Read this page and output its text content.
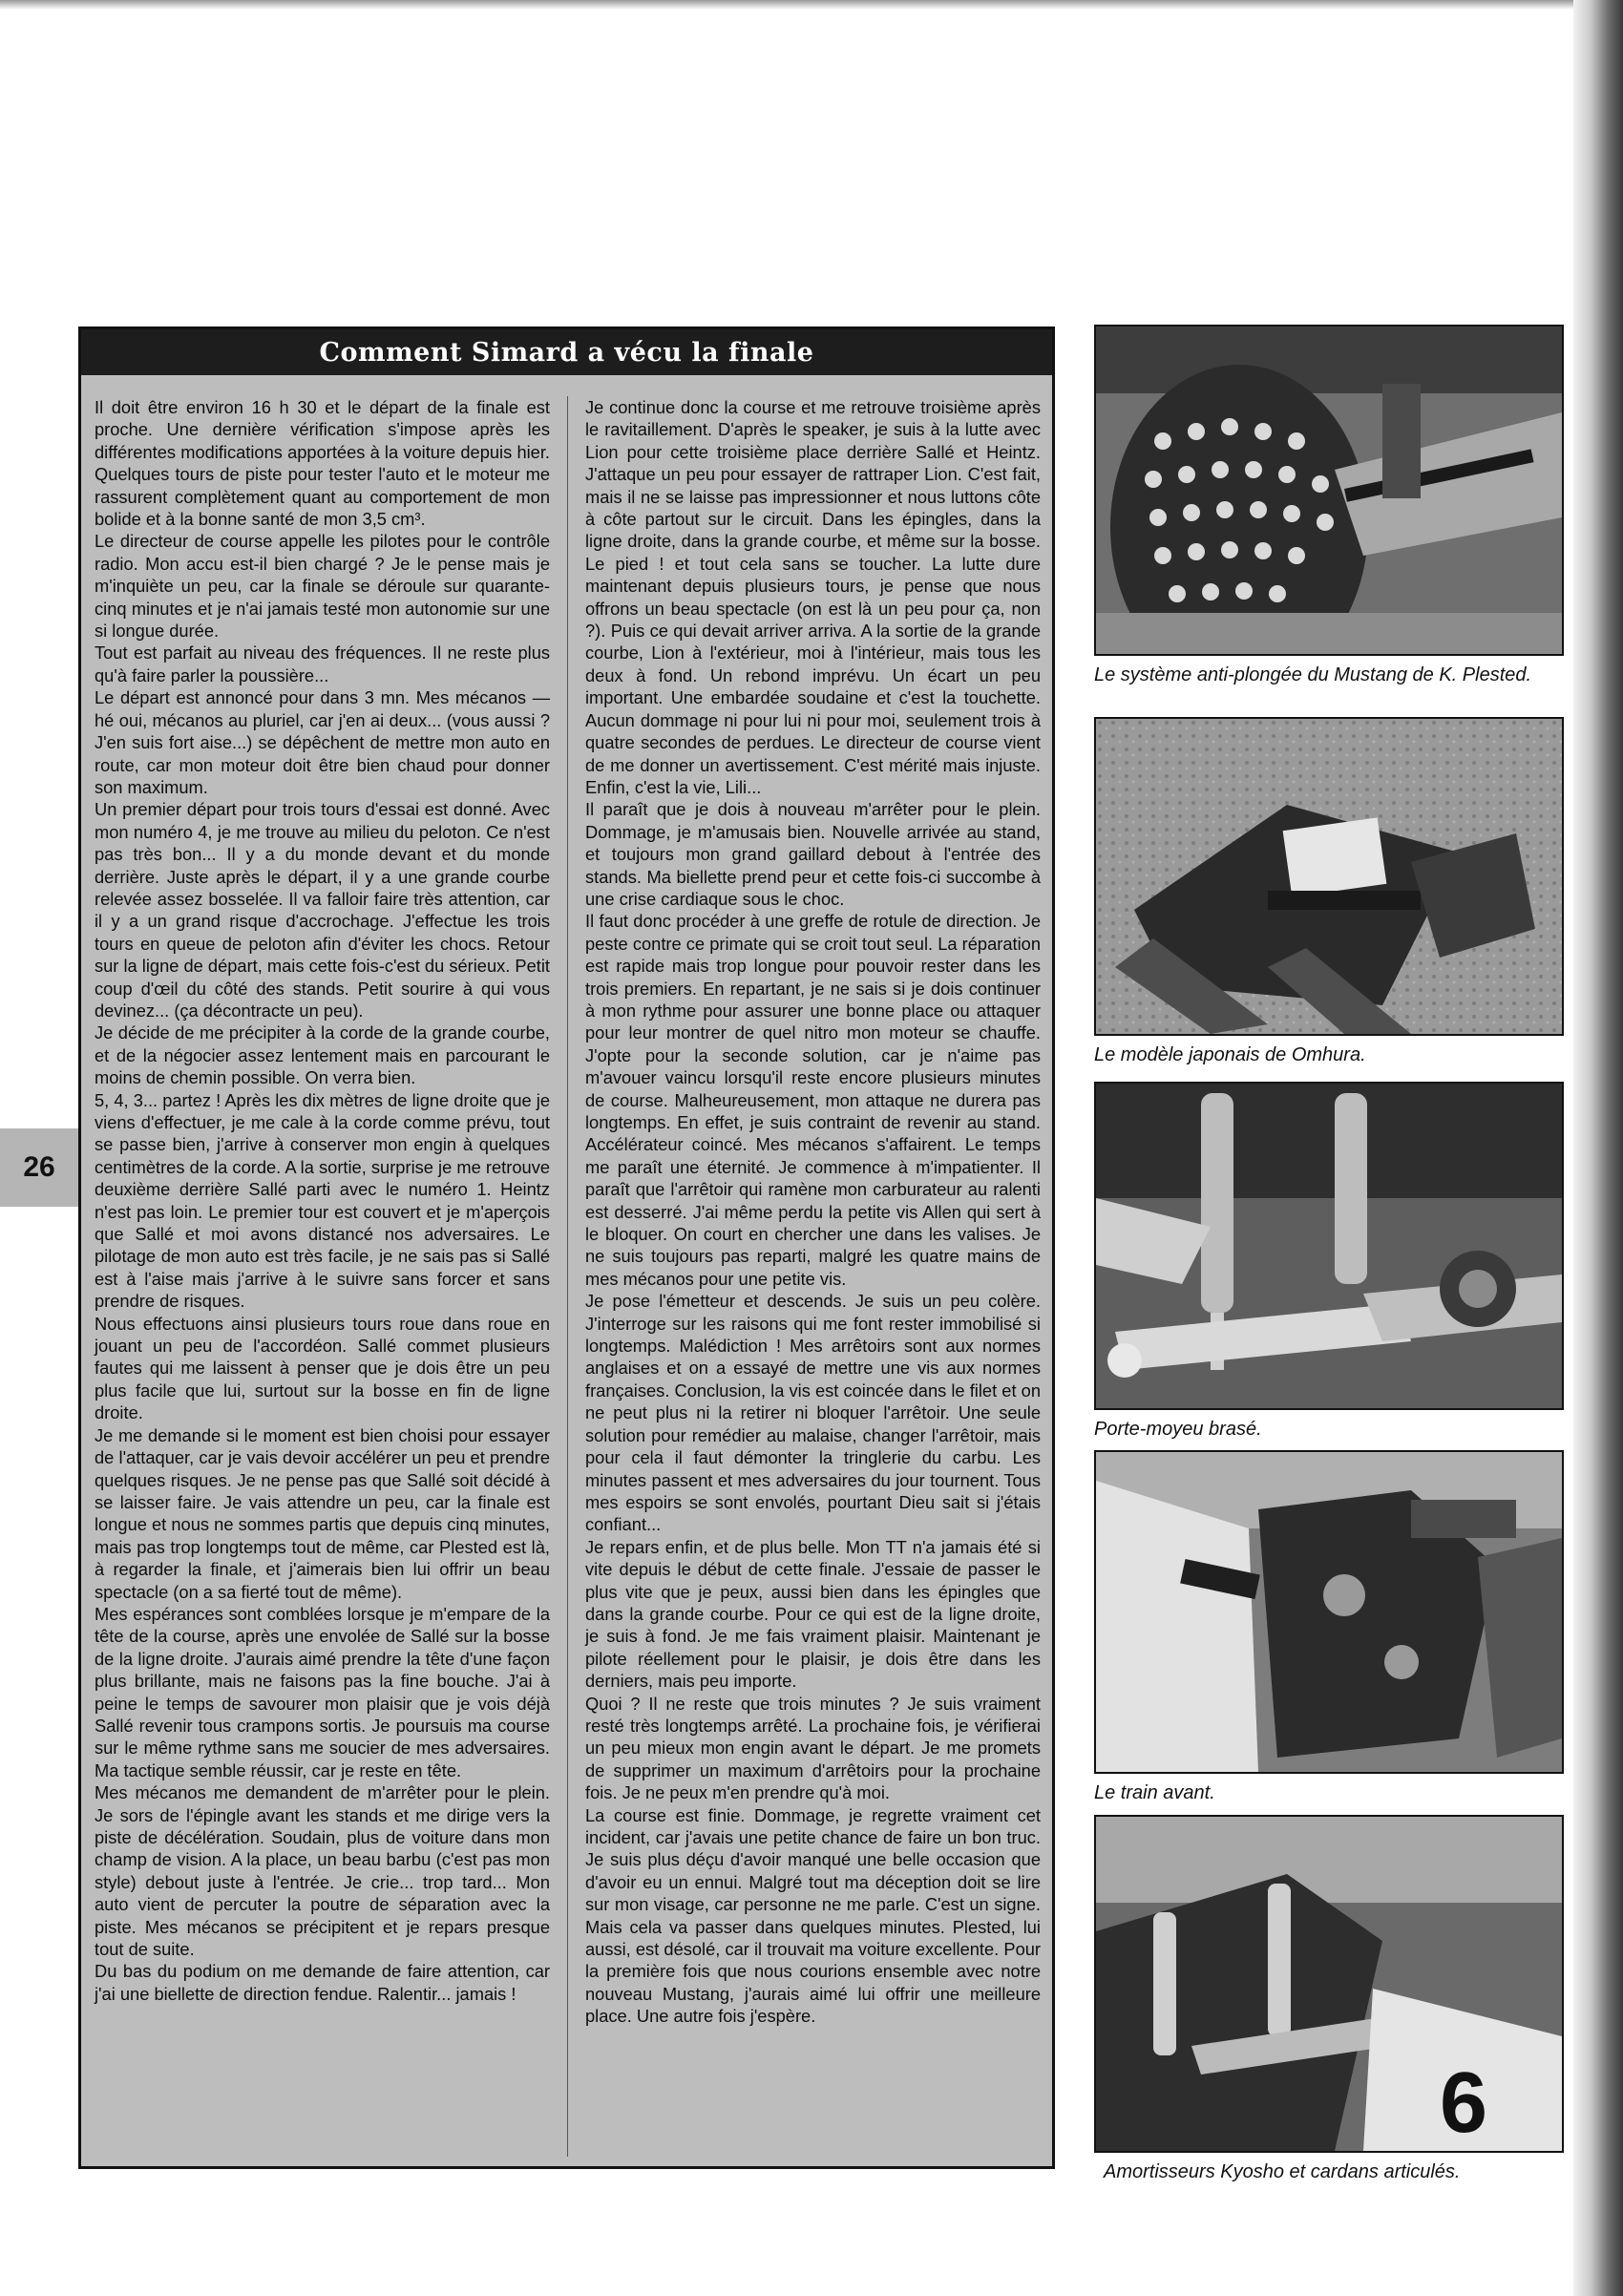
26
Comment Simard a vécu la finale

Il doit être environ 16 h 30 et le départ de la finale est proche. Une dernière vérification s'impose après les différentes modifications apportées à la voiture depuis hier. Quelques tours de piste pour tester l'auto et le moteur me rassurent complètement quant au comportement de mon bolide et à la bonne santé de mon 3,5 cm³.

Le directeur de course appelle les pilotes pour le contrôle radio. Mon accu est-il bien chargé ? Je le pense mais je m'inquiète un peu, car la finale se déroule sur quarante-cinq minutes et je n'ai jamais testé mon autonomie sur une si longue durée.

Tout est parfait au niveau des fréquences. Il ne reste plus qu'à faire parler la poussière...

Le départ est annoncé pour dans 3 mn. Mes mécanos — hé oui, mécanos au pluriel, car j'en ai deux... (vous aussi ? J'en suis fort aise...) se dépêchent de mettre mon auto en route, car mon moteur doit être bien chaud pour donner son maximum.

Un premier départ pour trois tours d'essai est donné. Avec mon numéro 4, je me trouve au milieu du peloton. Ce n'est pas très bon... Il y a du monde devant et du monde derrière. Juste après le départ, il y a une grande courbe relevée assez bosselée. Il va falloir faire très attention, car il y a un grand risque d'accrochage. J'effectue les trois tours en queue de peloton afin d'éviter les chocs. Retour sur la ligne de départ, mais cette fois-c'est du sérieux. Petit coup d'œil du côté des stands. Petit sourire à qui vous devinez... (ça décontracte un peu).

Je décide de me précipiter à la corde de la grande courbe, et de la négocier assez lentement mais en parcourant le moins de chemin possible. On verra bien.

5, 4, 3... partez ! Après les dix mètres de ligne droite que je viens d'effectuer, je me cale à la corde comme prévu, tout se passe bien, j'arrive à conserver mon engin à quelques centimètres de la corde. A la sortie, surprise je me retrouve deuxième derrière Sallé parti avec le numéro 1. Heintz n'est pas loin. Le premier tour est couvert et je m'aperçois que Sallé et moi avons distancé nos adversaires. Le pilotage de mon auto est très facile, je ne sais pas si Sallé est à l'aise mais j'arrive à le suivre sans forcer et sans prendre de risques.

Nous effectuons ainsi plusieurs tours roue dans roue en jouant un peu de l'accordéon. Sallé commet plusieurs fautes qui me laissent à penser que je dois être un peu plus facile que lui, surtout sur la bosse en fin de ligne droite.

Je me demande si le moment est bien choisi pour essayer de l'attaquer, car je vais devoir accélérer un peu et prendre quelques risques. Je ne pense pas que Sallé soit décidé à se laisser faire. Je vais attendre un peu, car la finale est longue et nous ne sommes partis que depuis cinq minutes, mais pas trop longtemps tout de même, car Plested est là, à regarder la finale, et j'aimerais bien lui offrir un beau spectacle (on a sa fierté tout de même).

Mes espérances sont comblées lorsque je m'empare de la tête de la course, après une envolée de Sallé sur la bosse de la ligne droite. J'aurais aimé prendre la tête d'une façon plus brillante, mais ne faisons pas la fine bouche. J'ai à peine le temps de savourer mon plaisir que je vois déjà Sallé revenir tous crampons sortis. Je poursuis ma course sur le même rythme sans me soucier de mes adversaires. Ma tactique semble réussir, car je reste en tête.

Mes mécanos me demandent de m'arrêter pour le plein. Je sors de l'épingle avant les stands et me dirige vers la piste de décélération. Soudain, plus de voiture dans mon champ de vision. A la place, un beau barbu (c'est pas mon style) debout juste à l'entrée. Je crie... trop tard... Mon auto vient de percuter la poutre de séparation avec la piste. Mes mécanos se précipitent et je repars presque tout de suite.

Du bas du podium on me demande de faire attention, car j'ai une biellette de direction fendue. Ralentir... jamais !

Je continue donc la course et me retrouve troisième après le ravitaillement. D'après le speaker, je suis à la lutte avec Lion pour cette troisième place derrière Sallé et Heintz. J'attaque un peu pour essayer de rattraper Lion. C'est fait, mais il ne se laisse pas impressionner et nous luttons côte à côte partout sur le circuit. Dans les épingles, dans la ligne droite, dans la grande courbe, et même sur la bosse. Le pied ! et tout cela sans se toucher. La lutte dure maintenant depuis plusieurs tours, je pense que nous offrons un beau spectacle (on est là un peu pour ça, non ?). Puis ce qui devait arriver arriva. A la sortie de la grande courbe, Lion à l'extérieur, moi à l'intérieur, mais tous les deux à fond. Un rebond imprévu. Un écart un peu important. Une embardée soudaine et c'est la touchette. Aucun dommage ni pour lui ni pour moi, seulement trois à quatre secondes de perdues. Le directeur de course vient de me donner un avertissement. C'est mérité mais injuste. Enfin, c'est la vie, Lili...

Il paraît que je dois à nouveau m'arrêter pour le plein. Dommage, je m'amusais bien. Nouvelle arrivée au stand, et toujours mon grand gaillard debout à l'entrée des stands. Ma biellette prend peur et cette fois-ci succombe à une crise cardiaque sous le choc.

Il faut donc procéder à une greffe de rotule de direction. Je peste contre ce primate qui se croit tout seul. La réparation est rapide mais trop longue pour pouvoir rester dans les trois premiers. En repartant, je ne sais si je dois continuer à mon rythme pour assurer une bonne place ou attaquer pour leur montrer de quel nitro mon moteur se chauffe. J'opte pour la seconde solution, car je n'aime pas m'avouer vaincu lorsqu'il reste encore plusieurs minutes de course. Malheureusement, mon attaque ne durera pas longtemps. En effet, je suis contraint de revenir au stand. Accélérateur coincé. Mes mécanos s'affairent. Le temps me paraît une éternité. Je commence à m'impatienter. Il paraît que l'arrêtoir qui ramène mon carburateur au ralenti est desserré. J'ai même perdu la petite vis Allen qui sert à le bloquer. On court en chercher une dans les valises. Je ne suis toujours pas reparti, malgré les quatre mains de mes mécanos pour une petite vis.

Je pose l'émetteur et descends. Je suis un peu colère. J'interroge sur les raisons qui me font rester immobilisé si longtemps. Malédiction ! Mes arrêtoirs sont aux normes anglaises et on a essayé de mettre une vis aux normes françaises. Conclusion, la vis est coincée dans le filet et on ne peut plus ni la retirer ni bloquer l'arrêtoir. Une seule solution pour remédier au malaise, changer l'arrêtoir, mais pour cela il faut démonter la tringlerie du carbu. Les minutes passent et mes adversaires du jour tournent. Tous mes espoirs se sont envolés, pourtant Dieu sait si j'étais confiant...

Je repars enfin, et de plus belle. Mon TT n'a jamais été si vite depuis le début de cette finale. J'essaie de passer le plus vite que je peux, aussi bien dans les épingles que dans la grande courbe. Pour ce qui est de la ligne droite, je suis à fond. Je me fais vraiment plaisir. Maintenant je pilote réellement pour le plaisir, je dois être dans les derniers, mais peu importe.

Quoi ? Il ne reste que trois minutes ? Je suis vraiment resté très longtemps arrêté. La prochaine fois, je vérifierai un peu mieux mon engin avant le départ. Je me promets de supprimer un maximum d'arrêtoirs pour la prochaine fois. Je ne peux m'en prendre qu'à moi.

La course est finie. Dommage, je regrette vraiment cet incident, car j'avais une petite chance de faire un bon truc. Je suis plus déçu d'avoir manqué une belle occasion que d'avoir eu un ennui. Malgré tout ma déception doit se lire sur mon visage, car personne ne me parle. C'est un signe. Mais cela va passer dans quelques minutes. Plested, lui aussi, est désolé, car il trouvait ma voiture excellente. Pour la première fois que nous courions ensemble avec notre nouveau Mustang, j'aurais aimé lui offrir une meilleure place. Une autre fois j'espère.

Le système anti-plongée du Mustang de K. Plested.
Le modèle japonais de Omhura.
Porte-moyeu brasé.
Le train avant.
6
Amortisseurs Kyosho et cardans articulés.
